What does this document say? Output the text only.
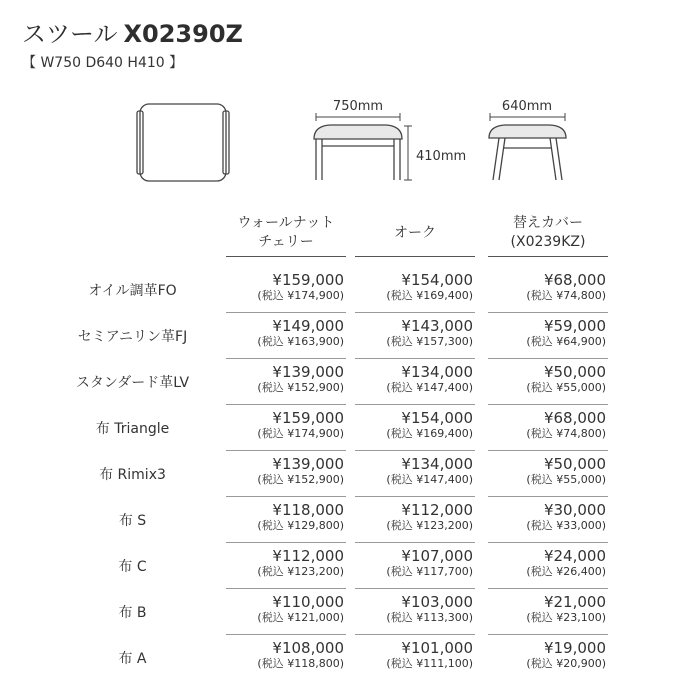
スツール X02390Z
【 W750 D640 H410 】
750mm
410mm
640mm
ウォールナット
チェリー
オーク
替えカバー
(X0239KZ)
オイル調革FO
¥159,000
(税込 ¥174,900)
¥154,000
(税込 ¥169,400)
¥68,000
(税込 ¥74,800)
セミアニリン革FJ
¥149,000
(税込 ¥163,900)
¥143,000
(税込 ¥157,300)
¥59,000
(税込 ¥64,900)
スタンダード革LV
¥139,000
(税込 ¥152,900)
¥134,000
(税込 ¥147,400)
¥50,000
(税込 ¥55,000)
布 Triangle
¥159,000
(税込 ¥174,900)
¥154,000
(税込 ¥169,400)
¥68,000
(税込 ¥74,800)
布 Rimix3
¥139,000
(税込 ¥152,900)
¥134,000
(税込 ¥147,400)
¥50,000
(税込 ¥55,000)
布 S
¥118,000
(税込 ¥129,800)
¥112,000
(税込 ¥123,200)
¥30,000
(税込 ¥33,000)
布 C
¥112,000
(税込 ¥123,200)
¥107,000
(税込 ¥117,700)
¥24,000
(税込 ¥26,400)
布 B
¥110,000
(税込 ¥121,000)
¥103,000
(税込 ¥113,300)
¥21,000
(税込 ¥23,100)
布 A
¥108,000
(税込 ¥118,800)
¥101,000
(税込 ¥111,100)
¥19,000
(税込 ¥20,900)
